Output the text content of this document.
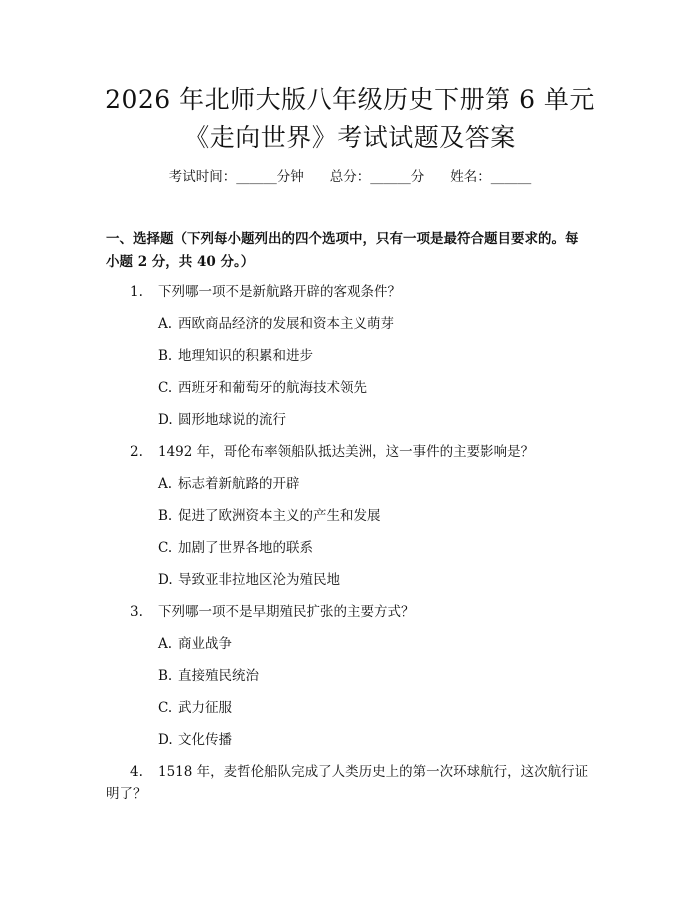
2026 年北师大版八年级历史下册第 6 单元
《走向世界》考试试题及答案
考试时间：______分钟 总分：______分 姓名：______
一、选择题（下列每小题列出的四个选项中，只有一项是最符合题目要求的。每
小题 2 分，共 40 分。）
1. 下列哪一项不是新航路开辟的客观条件？
A. 西欧商品经济的发展和资本主义萌芽
B. 地理知识的积累和进步
C. 西班牙和葡萄牙的航海技术领先
D. 圆形地球说的流行
2. 1492 年，哥伦布率领船队抵达美洲，这一事件的主要影响是？
A. 标志着新航路的开辟
B. 促进了欧洲资本主义的产生和发展
C. 加剧了世界各地的联系
D. 导致亚非拉地区沦为殖民地
3. 下列哪一项不是早期殖民扩张的主要方式？
A. 商业战争
B. 直接殖民统治
C. 武力征服
D. 文化传播
4. 1518 年，麦哲伦船队完成了人类历史上的第一次环球航行，这次航行证
明了？
